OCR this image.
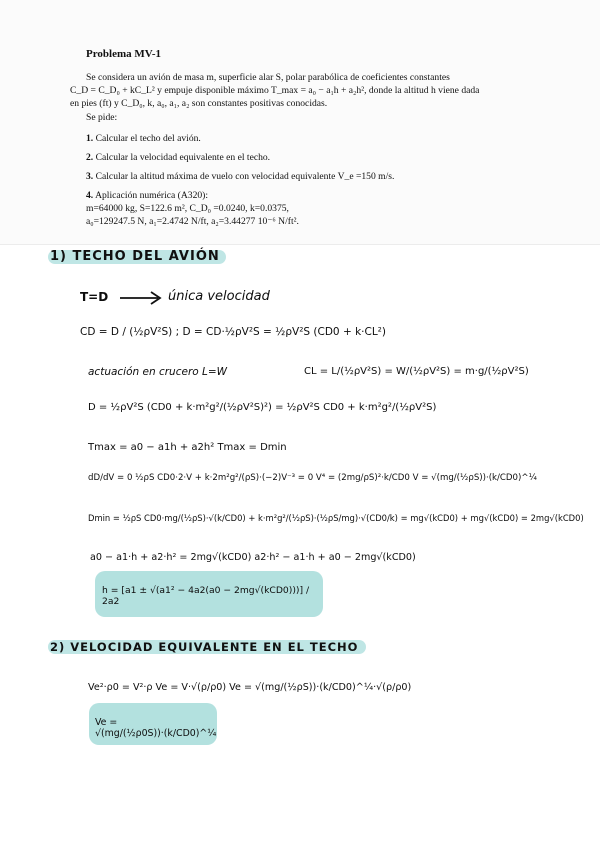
Problema MV-1

Se considera un avión de masa m, superficie alar S, polar parabólica de coeficientes constantes

C_D = C_D₀ + kC_L² y empuje disponible máximo T_max = a₀ − a₁h + a₂h², donde la altitud h viene dada

en pies (ft) y C_D₀, k, a₀, a₁, a₂ son constantes positivas conocidas.

Se pide:
1. Calcular el techo del avión.
2. Calcular la velocidad equivalente en el techo.
3. Calcular la altitud máxima de vuelo con velocidad equivalente V_e =150 m/s.
4. Aplicación numérica (A320):
m=64000 kg, S=122.6 m², C_D₀ =0.0240, k=0.0375,
a₀=129247.5 N, a₁=2.4742 N/ft, a₂=3.44277 10⁻⁶ N/ft².
1) TECHO DEL AVIÓN
T=D	única velocidad
CD = D / (½ρV²S) ; D = CD·½ρV²S = ½ρV²S (CD0 + k·CL²)
actuación en crucero L=W	CL = L/(½ρV²S) = W/(½ρV²S) = m·g/(½ρV²S)
D = ½ρV²S (CD0 + k·m²g²/(½ρV²S)²) = ½ρV²S CD0 + k·m²g²/(½ρV²S)
Tmax = a0 − a1h + a2h² Tmax = Dmin
dD/dV = 0 ½ρS CD0·2·V + k·2m²g²/(ρS)·(−2)V⁻³ = 0 V⁴ = (2mg/ρS)²·k/CD0 V = √(mg/(½ρS))·(k/CD0)^¼
Dmin = ½ρS CD0·mg/(½ρS)·√(k/CD0) + k·m²g²/(½ρS)·(½ρS/mg)·√(CD0/k) = mg√(kCD0) + mg√(kCD0) = 2mg√(kCD0)
a0 − a1·h + a2·h² = 2mg√(kCD0) a2·h² − a1·h + a0 − 2mg√(kCD0)
h = [a1 ± √(a1² − 4a2(a0 − 2mg√(kCD0)))] / 2a2
2) VELOCIDAD EQUIVALENTE EN EL TECHO
Ve²·ρ0 = V²·ρ Ve = V·√(ρ/ρ0) Ve = √(mg/(½ρS))·(k/CD0)^¼·√(ρ/ρ0)
Ve = √(mg/(½ρ0S))·(k/CD0)^¼
